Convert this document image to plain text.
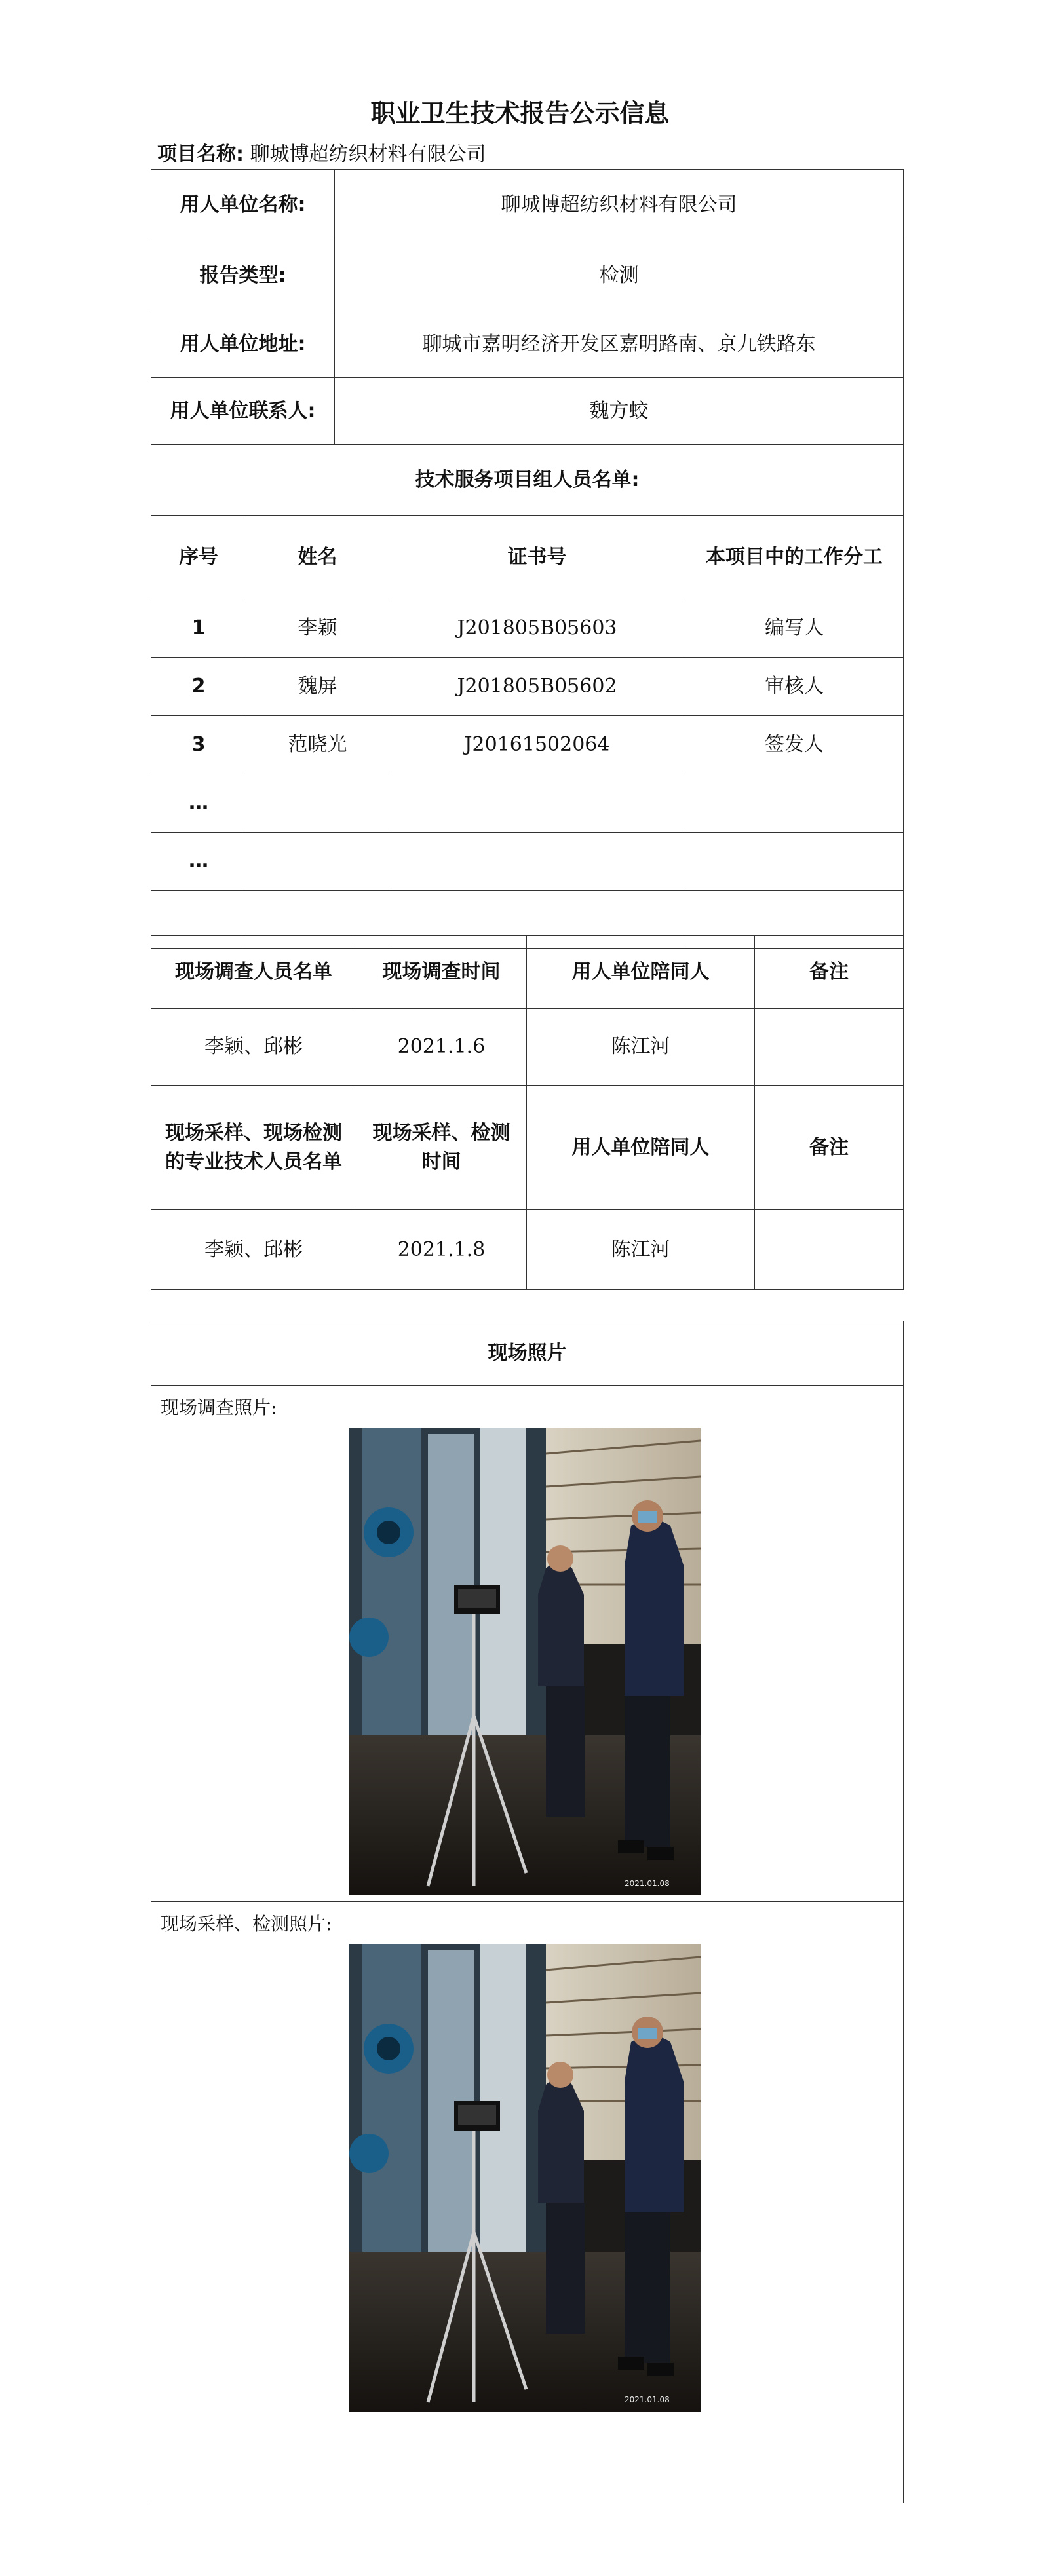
职业卫生技术报告公示信息
项目名称: 聊城博超纺织材料有限公司
用人单位名称:	聊城博超纺织材料有限公司
报告类型:	检测
用人单位地址:	聊城市嘉明经济开发区嘉明路南、京九铁路东
用人单位联系人:	魏方蛟
技术服务项目组人员名单:			
序号	姓名	证书号	本项目中的工作分工
1	李颖	J201805B05603	编写人
2	魏屏	J201805B05602	审核人
3	范晓光	J20161502064	签发人
…			
…			

现场调查人员名单	现场调查时间	用人单位陪同人	备注
李颖、邱彬	2021.1.6	陈江河	
现场采样、现场检测的专业技术人员名单	现场采样、检测时间	用人单位陪同人	备注
李颖、邱彬	2021.1.8	陈江河	
现场照片

现场调查照片:
2021.01.08

现场采样、检测照片:
2021.01.08
